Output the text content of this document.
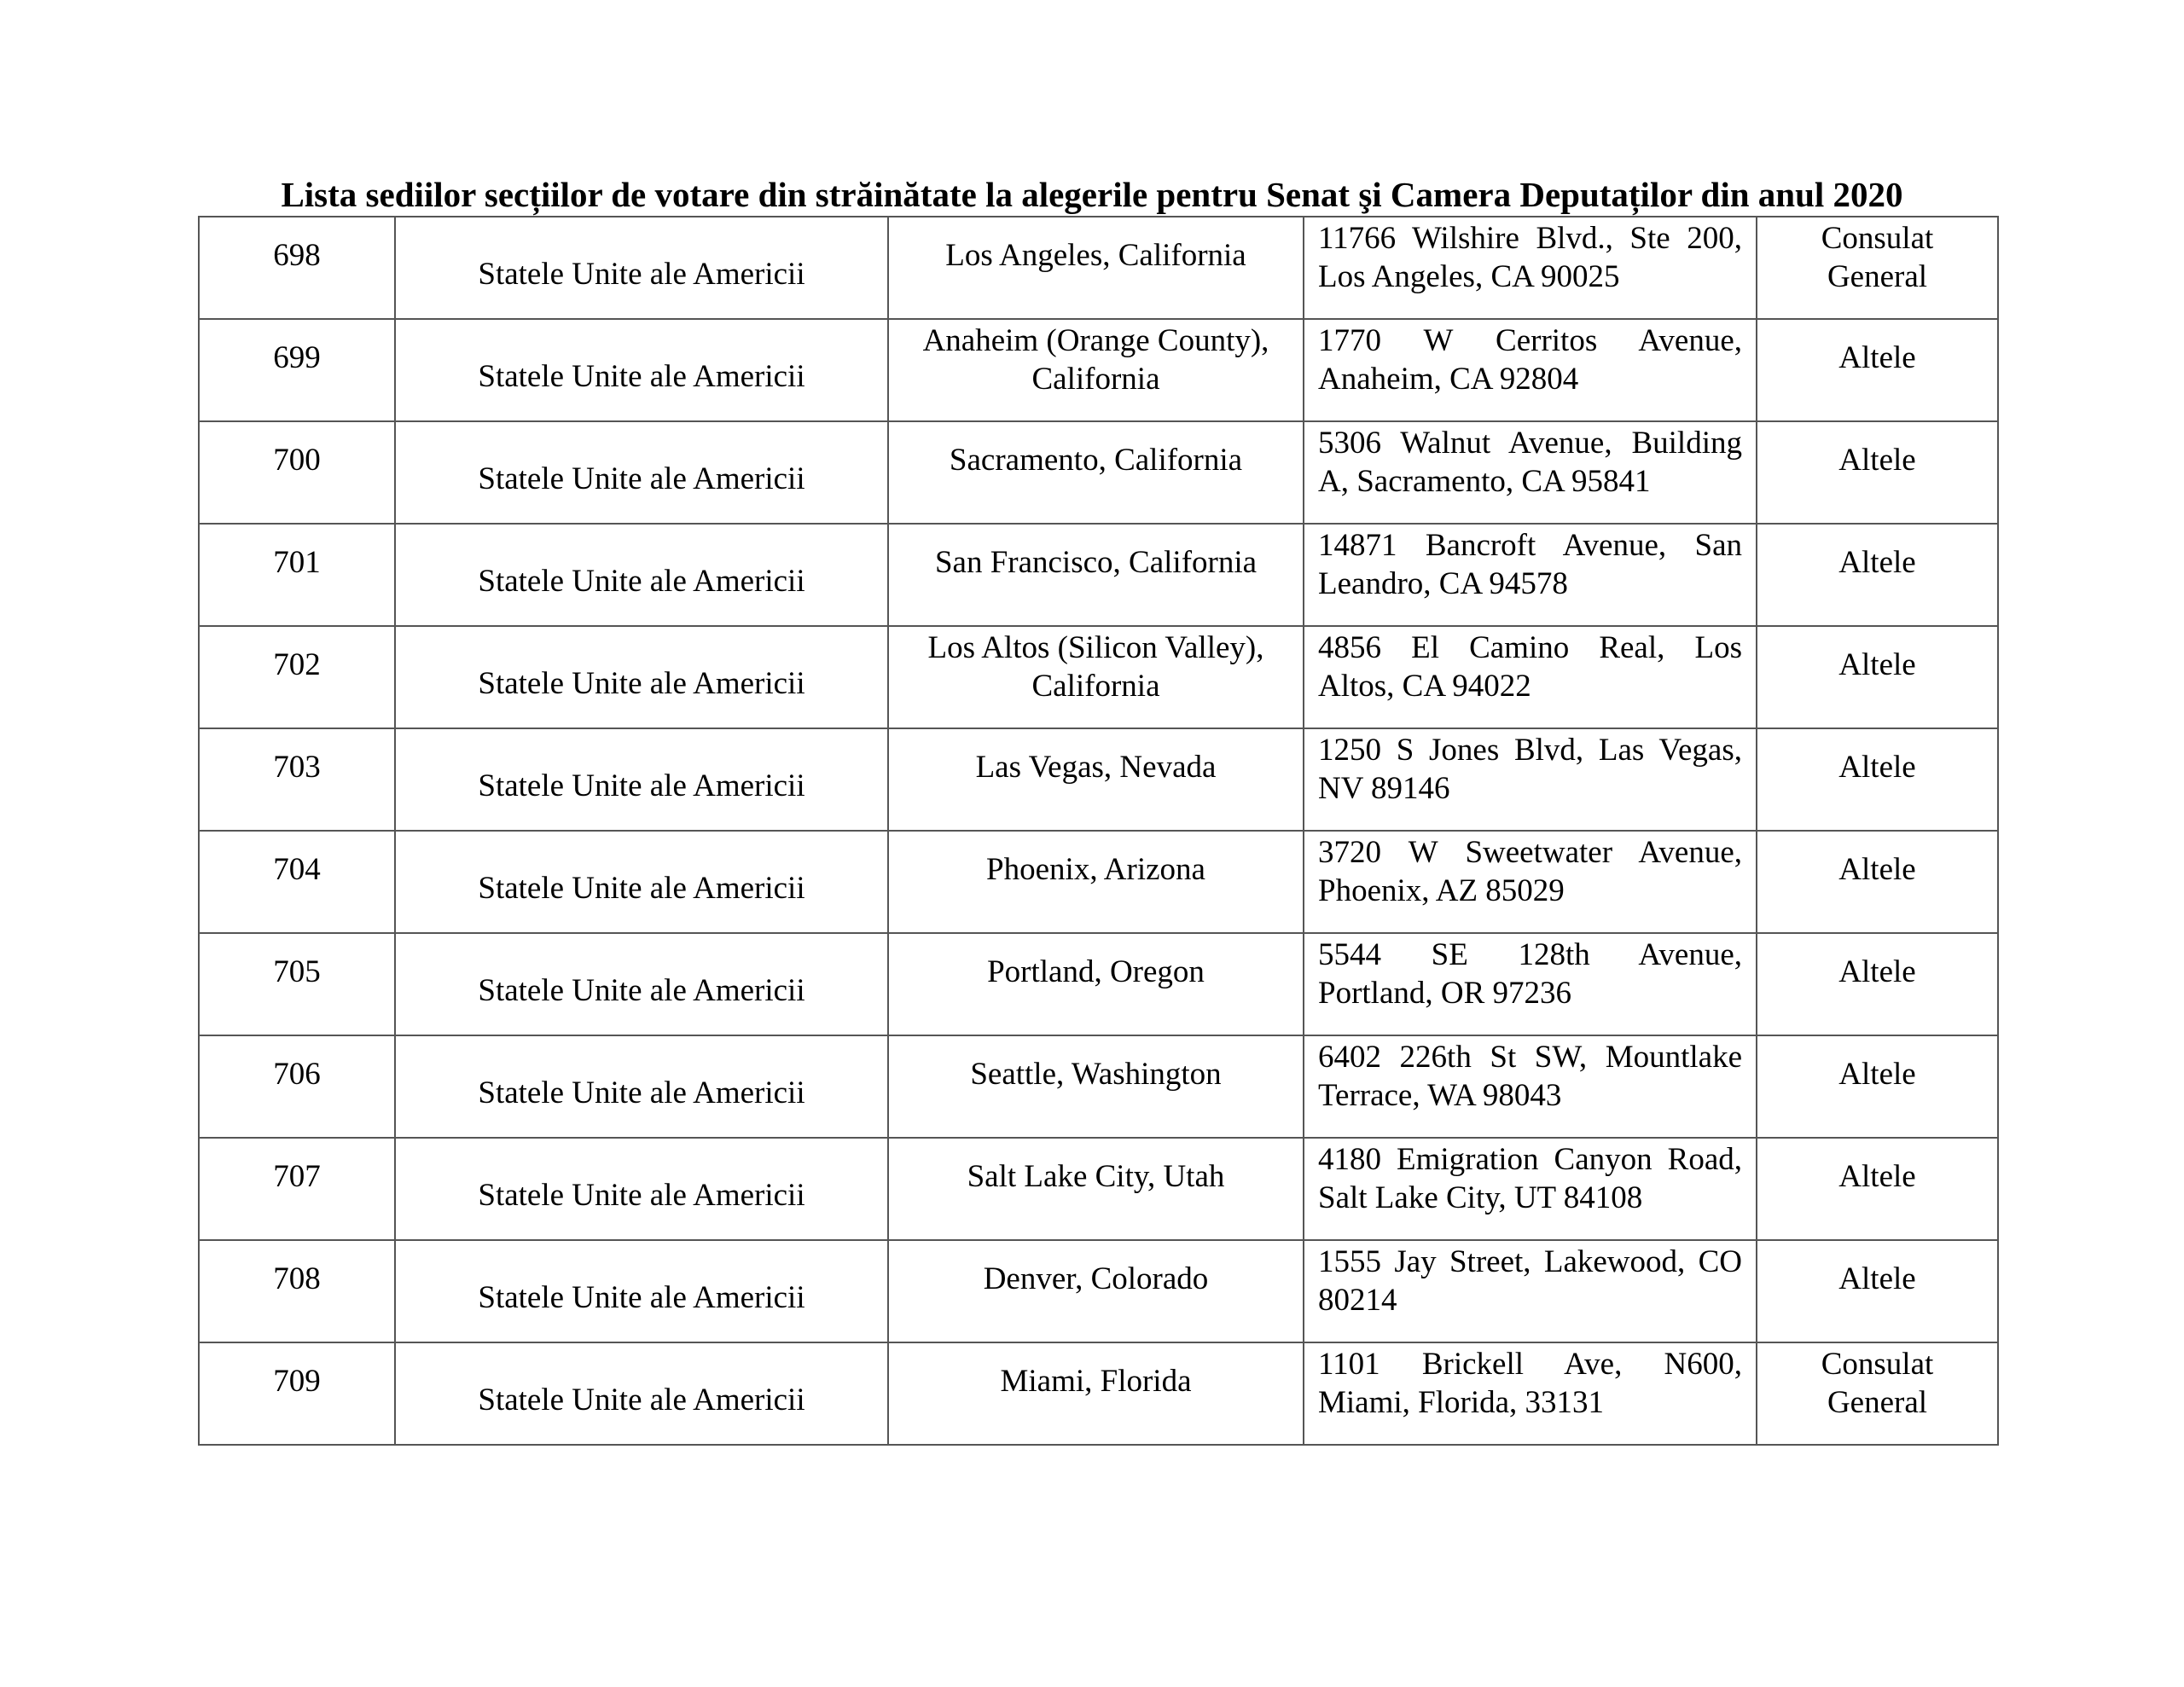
Lista sediilor secțiilor de votare din străinătate la alegerile pentru Senat şi Camera Deputaților din anul 2020
698	Statele Unite ale Americii	Los Angeles, California	11766 Wilshire Blvd., Ste 200,
Los Angeles, CA 90025	Consulat
General

699	Statele Unite ale Americii	Anaheim (Orange County),
California	1770 W Cerritos Avenue,
Anaheim, CA 92804	Altele

700	Statele Unite ale Americii	Sacramento, California	5306 Walnut Avenue, Building
A, Sacramento, CA 95841	Altele

701	Statele Unite ale Americii	San Francisco, California	14871 Bancroft Avenue, San
Leandro, CA 94578	Altele

702	Statele Unite ale Americii	Los Altos (Silicon Valley),
California	4856 El Camino Real, Los
Altos, CA 94022	Altele

703	Statele Unite ale Americii	Las Vegas, Nevada	1250 S Jones Blvd, Las Vegas,
NV 89146	Altele

704	Statele Unite ale Americii	Phoenix, Arizona	3720 W Sweetwater Avenue,
Phoenix, AZ 85029	Altele

705	Statele Unite ale Americii	Portland, Oregon	5544 SE 128th Avenue,
Portland, OR 97236	Altele

706	Statele Unite ale Americii	Seattle, Washington	6402 226th St SW, Mountlake
Terrace, WA 98043	Altele

707	Statele Unite ale Americii	Salt Lake City, Utah	4180 Emigration Canyon Road,
Salt Lake City, UT 84108	Altele

708	Statele Unite ale Americii	Denver, Colorado	1555 Jay Street, Lakewood, CO
80214	Altele

709	Statele Unite ale Americii	Miami, Florida	1101 Brickell Ave, N600,
Miami, Florida, 33131	Consulat
General
